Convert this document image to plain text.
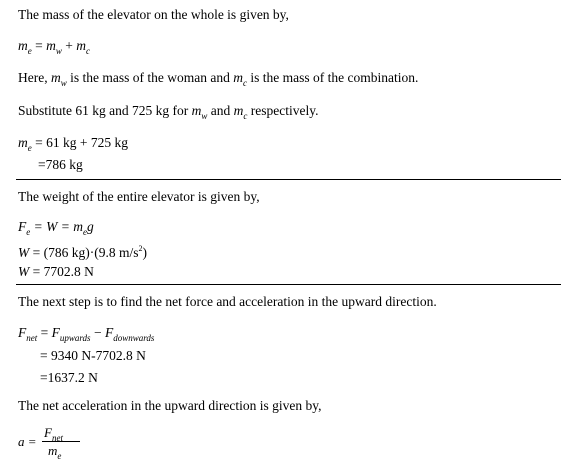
The mass of the elevator on the whole is given by,
$m_e = m_w + m_c$
Here, $m_w$ is the mass of the woman and $m_c$ is the mass of the combination.
Substitute 61 kg and 725 kg for $m_w$ and $m_c$ respectively.
$m_e = 61$ kg + 725 kg
=786 kg
The weight of the entire elevator is given by,
$F_e = W = m_eg$
W = (786 kg)·(9.8 $m/s^2$)
W = 7702.8 N
The next step is to find the net force and acceleration in the upward direction.
$F_{net} = F_{upwards} - F_{downwards}$
= 9340 N-7702.8 N
=1637.2 N
The net acceleration in the upward direction is given by,
a =
$F_{net}$
$m_e$
